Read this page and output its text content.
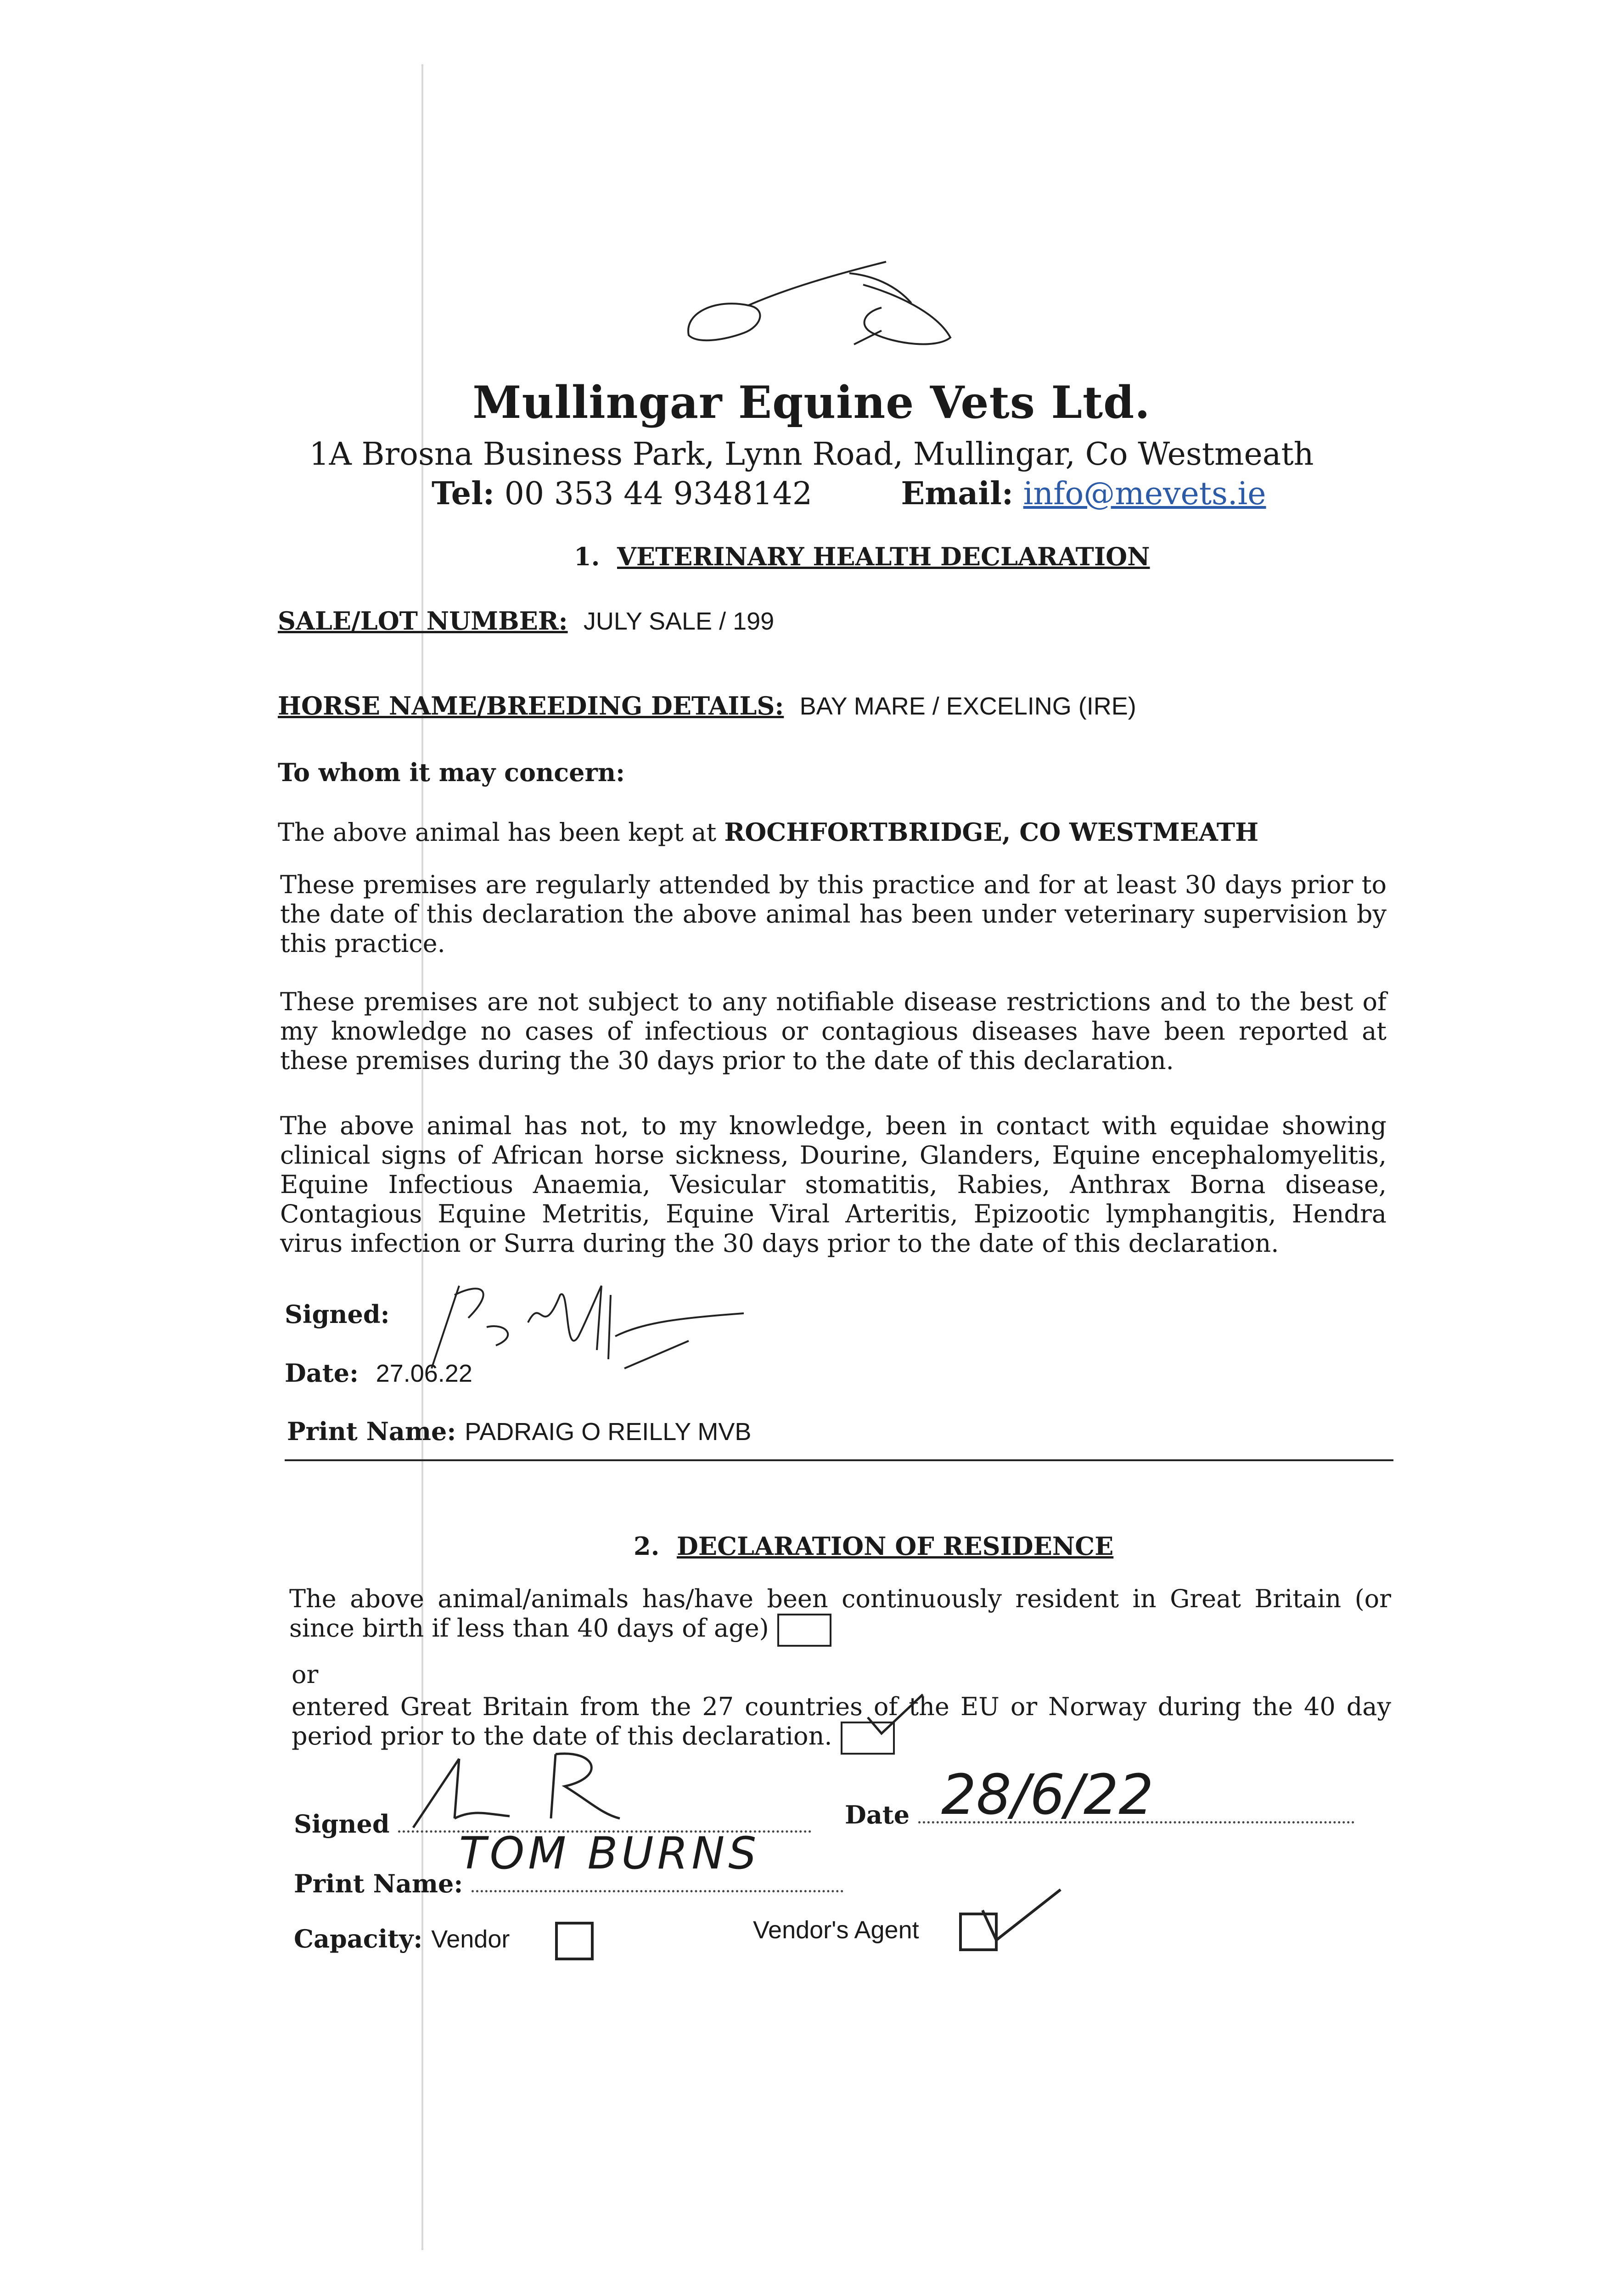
Mullingar Equine Vets Ltd.
1A Brosna Business Park, Lynn Road, Mullingar, Co Westmeath
Tel: 00 353 44 9348142	Email: info@mevets.ie
1. VETERINARY HEALTH DECLARATION
SALE/LOT NUMBER: JULY SALE / 199
HORSE NAME/BREEDING DETAILS: BAY MARE / EXCELING (IRE)
To whom it may concern:
The above animal has been kept at ROCHFORTBRIDGE, CO WESTMEATH
These premises are regularly attended by this practice and for at least 30 days prior to the date of this declaration the above animal has been under veterinary supervision by this practice.
These premises are not subject to any notifiable disease restrictions and to the best of my knowledge no cases of infectious or contagious diseases have been reported at these premises during the 30 days prior to the date of this declaration.
The above animal has not, to my knowledge, been in contact with equidae showing clinical signs of African horse sickness, Dourine, Glanders, Equine encephalomyelitis, Equine Infectious Anaemia, Vesicular stomatitis, Rabies, Anthrax Borna disease, Contagious Equine Metritis, Equine Viral Arteritis, Epizootic lymphangitis, Hendra virus infection or Surra during the 30 days prior to the date of this declaration.
Signed:
Date: 27.06.22
Print Name: PADRAIG O REILLY MVB
2. DECLARATION OF RESIDENCE
The above animal/animals has/have been continuously resident in Great Britain (or since birth if less than 40 days of age)
or
entered Great Britain from the 27 countries of the EU or Norway during the 40 day period prior to the date of this declaration.
Signed	Date 28/6/22
Print Name:
TOM BURNS
Capacity: Vendor	Vendor's Agent
